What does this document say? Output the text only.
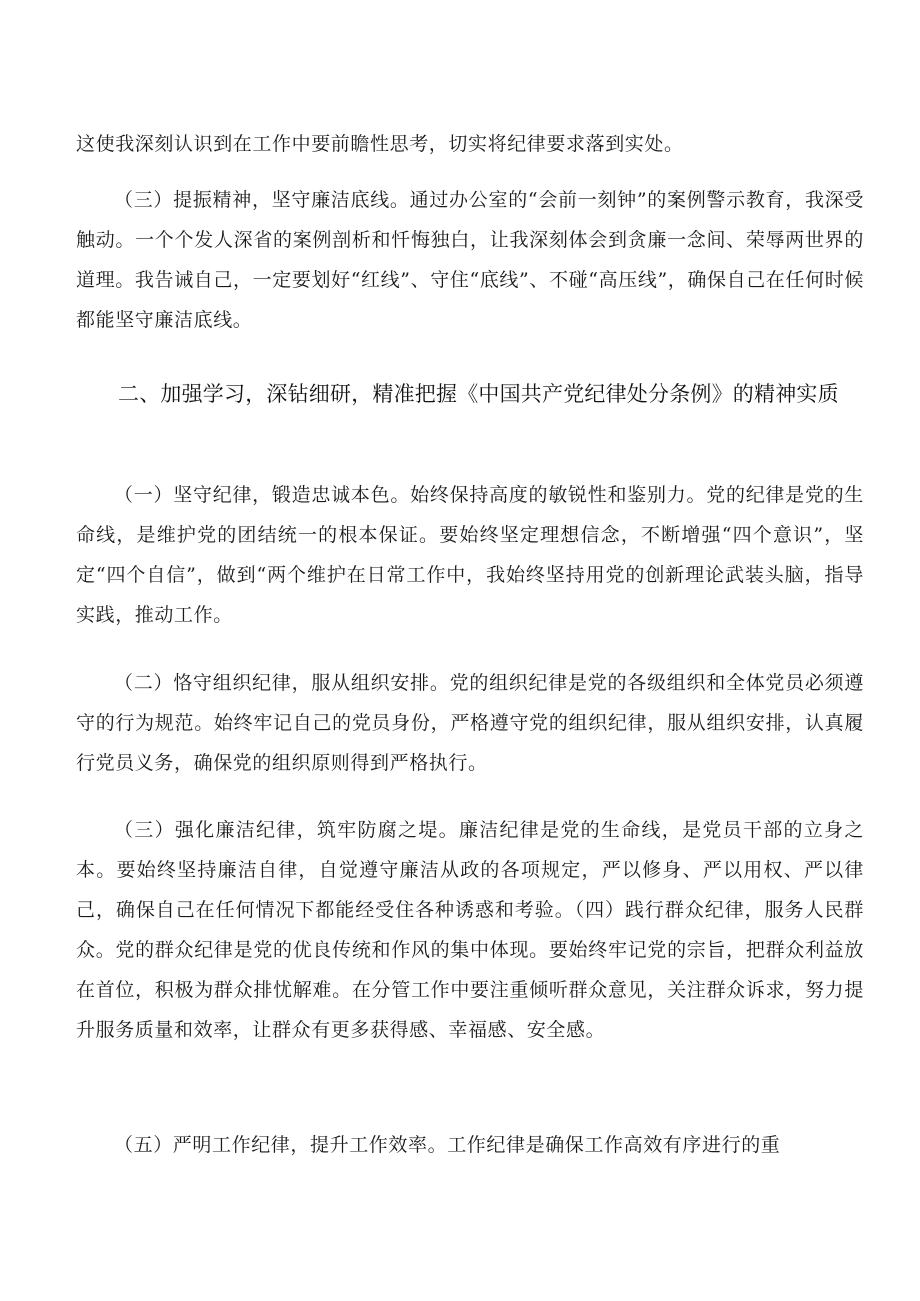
这使我深刻认识到在工作中要前瞻性思考，切实将纪律要求落到实处。

（三）提振精神，坚守廉洁底线。通过办公室的“会前一刻钟”的案例警示教育，我深受触动。一个个发人深省的案例剖析和忏悔独白，让我深刻体会到贪廉一念间、荣辱两世界的道理。我告诫自己，一定要划好“红线”、守住“底线”、不碰“高压线”，确保自己在任何时候都能坚守廉洁底线。

二、加强学习，深钻细研，精准把握《中国共产党纪律处分条例》的精神实质

（一）坚守纪律，锻造忠诚本色。始终保持高度的敏锐性和鉴别力。党的纪律是党的生命线，是维护党的团结统一的根本保证。要始终坚定理想信念，不断增强“四个意识”，坚定“四个自信”，做到“两个维护在日常工作中，我始终坚持用党的创新理论武装头脑，指导实践，推动工作。

（二）恪守组织纪律，服从组织安排。党的组织纪律是党的各级组织和全体党员必须遵守的行为规范。始终牢记自己的党员身份，严格遵守党的组织纪律，服从组织安排，认真履行党员义务，确保党的组织原则得到严格执行。

（三）强化廉洁纪律，筑牢防腐之堤。廉洁纪律是党的生命线，是党员干部的立身之本。要始终坚持廉洁自律，自觉遵守廉洁从政的各项规定，严以修身、严以用权、严以律己，确保自己在任何情况下都能经受住各种诱惑和考验。（四）践行群众纪律，服务人民群众。党的群众纪律是党的优良传统和作风的集中体现。要始终牢记党的宗旨，把群众利益放在首位，积极为群众排忧解难。在分管工作中要注重倾听群众意见，关注群众诉求，努力提升服务质量和效率，让群众有更多获得感、幸福感、安全感。

（五）严明工作纪律，提升工作效率。工作纪律是确保工作高效有序进行的重
